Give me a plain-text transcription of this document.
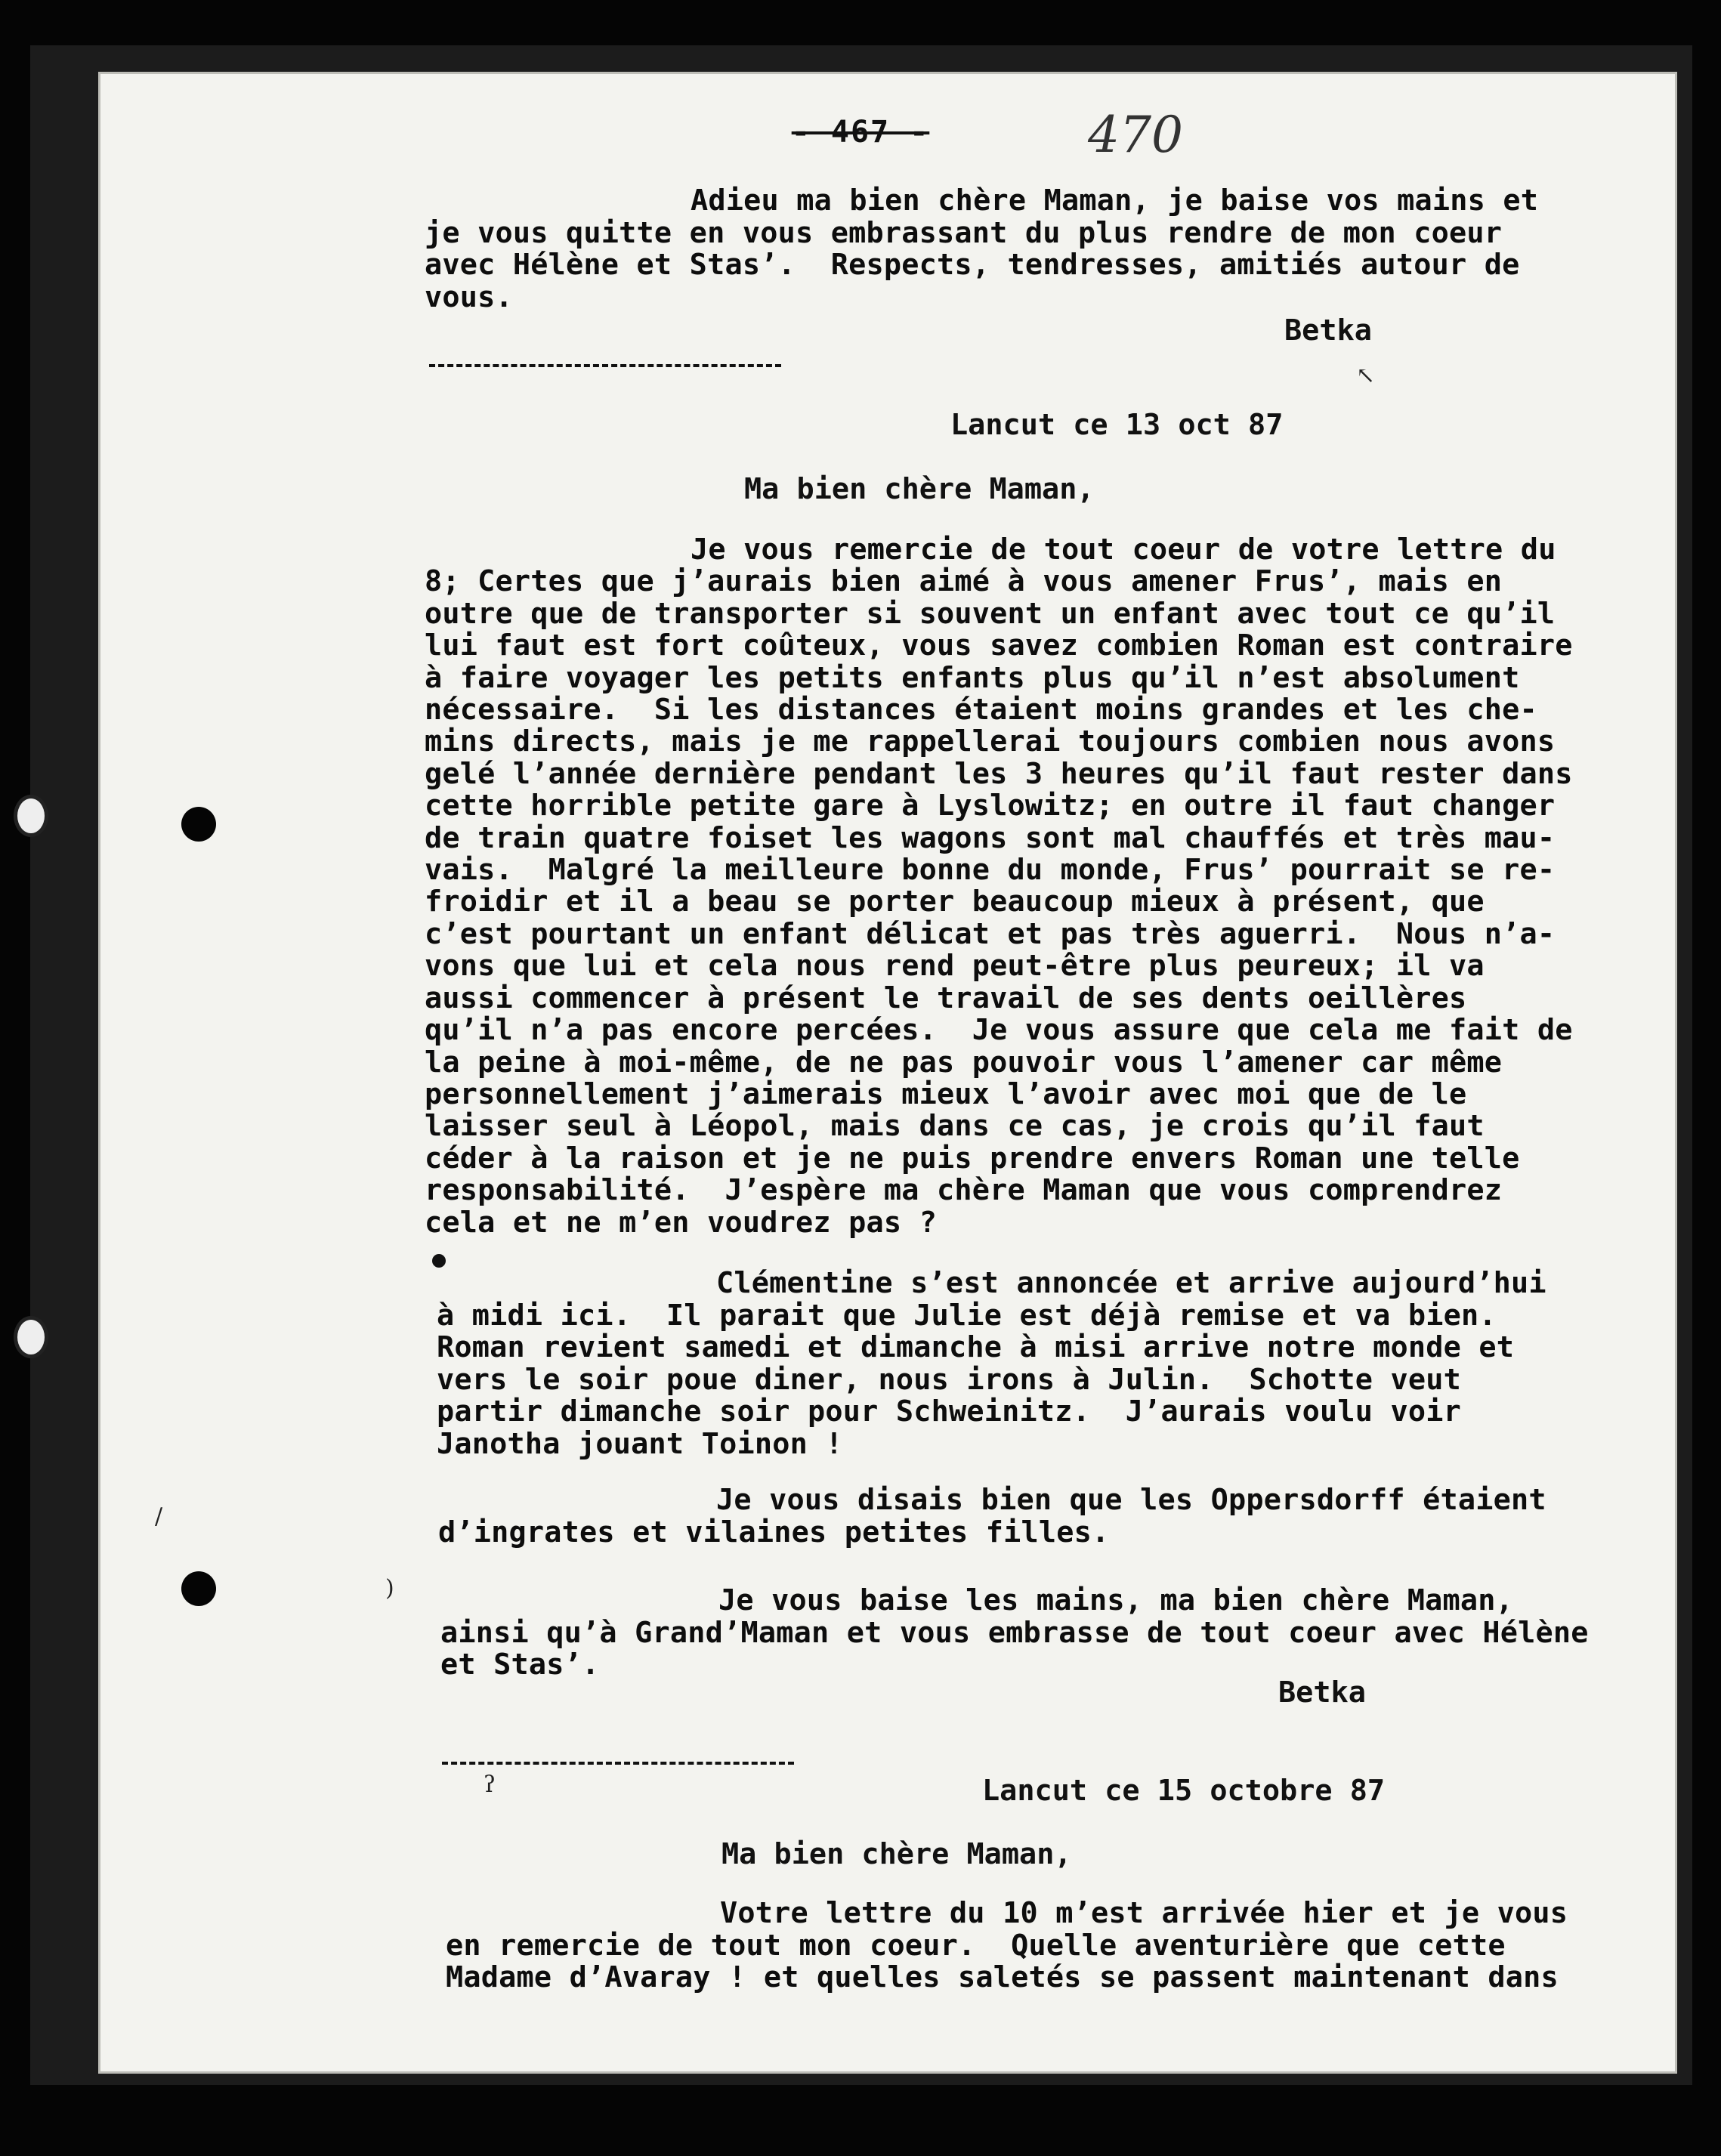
- 467 -	470
Adieu ma bien chère Maman, je baise vos mains et
je vous quitte en vous embrassant du plus rendre de mon coeur
avec Hélène et Stas’.  Respects, tendresses, amitiés autour de
vous.
Betka
Lancut ce 13 oct 87
Ma bien chère Maman,
Je vous remercie de tout coeur de votre lettre du
8; Certes que j’aurais bien aimé à vous amener Frus’, mais en
outre que de transporter si souvent un enfant avec tout ce qu’il
lui faut est fort coûteux, vous savez combien Roman est contraire
à faire voyager les petits enfants plus qu’il n’est absolument
nécessaire.  Si les distances étaient moins grandes et les che-
mins directs, mais je me rappellerai toujours combien nous avons
gelé l’année dernière pendant les 3 heures qu’il faut rester dans
cette horrible petite gare à Lyslowitz; en outre il faut changer
de train quatre foiset les wagons sont mal chauffés et très mau-
vais.  Malgré la meilleure bonne du monde, Frus’ pourrait se re-
froidir et il a beau se porter beaucoup mieux à présent, que
c’est pourtant un enfant délicat et pas très aguerri.  Nous n’a-
vons que lui et cela nous rend peut-être plus peureux; il va
aussi commencer à présent le travail de ses dents oeillères
qu’il n’a pas encore percées.  Je vous assure que cela me fait de
la peine à moi-même, de ne pas pouvoir vous l’amener car même
personnellement j’aimerais mieux l’avoir avec moi que de le
laisser seul à Léopol, mais dans ce cas, je crois qu’il faut
céder à la raison et je ne puis prendre envers Roman une telle
responsabilité.  J’espère ma chère Maman que vous comprendrez
cela et ne m’en voudrez pas ?
Clémentine s’est annoncée et arrive aujourd’hui
à midi ici.  Il parait que Julie est déjà remise et va bien.
Roman revient samedi et dimanche à misi arrive notre monde et
vers le soir poue diner, nous irons à Julin.  Schotte veut
partir dimanche soir pour Schweinitz.  J’aurais voulu voir
Janotha jouant Toinon !
Je vous disais bien que les Oppersdorff étaient
d’ingrates et vilaines petites filles.
Je vous baise les mains, ma bien chère Maman,
ainsi qu’à Grand’Maman et vous embrasse de tout coeur avec Hélène
et Stas’.
Betka
Lancut ce 15 octobre 87
Ma bien chère Maman,
Votre lettre du 10 m’est arrivée hier et je vous
en remercie de tout mon coeur.  Quelle aventurière que cette
Madame d’Avaray ! et quelles saletés se passent maintenant dans
↖
ʔ
)
/
